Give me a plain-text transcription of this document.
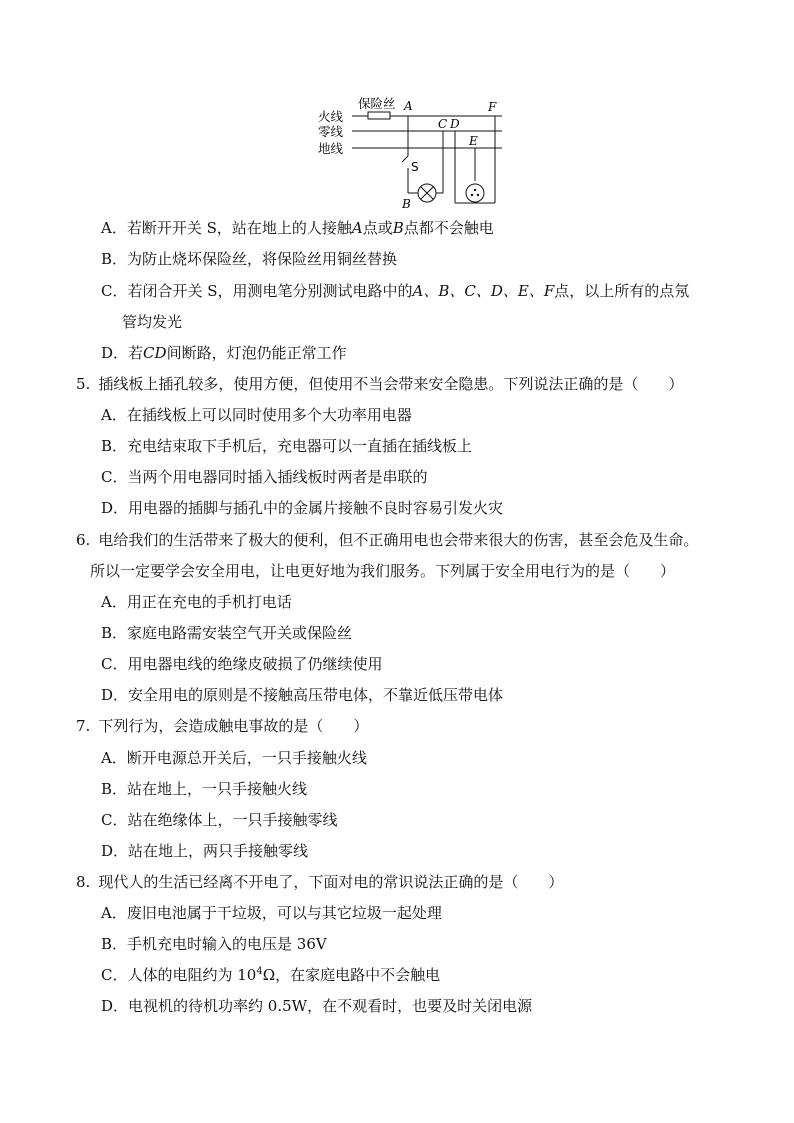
火线
零线
地线
保险丝 A
C D
E
F
S
B
A．若断开开关 S，站在地上的人接触A点或B点都不会触电
B．为防止烧坏保险丝，将保险丝用铜丝替换
C．若闭合开关 S，用测电笔分别测试电路中的A、B、C、D、E、F点，以上所有的点氖
管均发光
D．若CD间断路，灯泡仍能正常工作
5. 插线板上插孔较多，使用方便，但使用不当会带来安全隐患。下列说法正确的是（　　）
A．在插线板上可以同时使用多个大功率用电器
B．充电结束取下手机后，充电器可以一直插在插线板上
C．当两个用电器同时插入插线板时两者是串联的
D．用电器的插脚与插孔中的金属片接触不良时容易引发火灾
6. 电给我们的生活带来了极大的便利，但不正确用电也会带来很大的伤害，甚至会危及生命。
所以一定要学会安全用电，让电更好地为我们服务。下列属于安全用电行为的是（　　）
A．用正在充电的手机打电话
B．家庭电路需安装空气开关或保险丝
C．用电器电线的绝缘皮破损了仍继续使用
D．安全用电的原则是不接触高压带电体，不靠近低压带电体
7. 下列行为，会造成触电事故的是（　　）
A．断开电源总开关后，一只手接触火线
B．站在地上，一只手接触火线
C．站在绝缘体上，一只手接触零线
D．站在地上，两只手接触零线
8. 现代人的生活已经离不开电了，下面对电的常识说法正确的是（　　）
A．废旧电池属于干垃圾，可以与其它垃圾一起处理
B．手机充电时输入的电压是 36V
C．人体的电阻约为 $10^4\Omega$，在家庭电路中不会触电
D．电视机的待机功率约 0.5W，在不观看时，也要及时关闭电源
